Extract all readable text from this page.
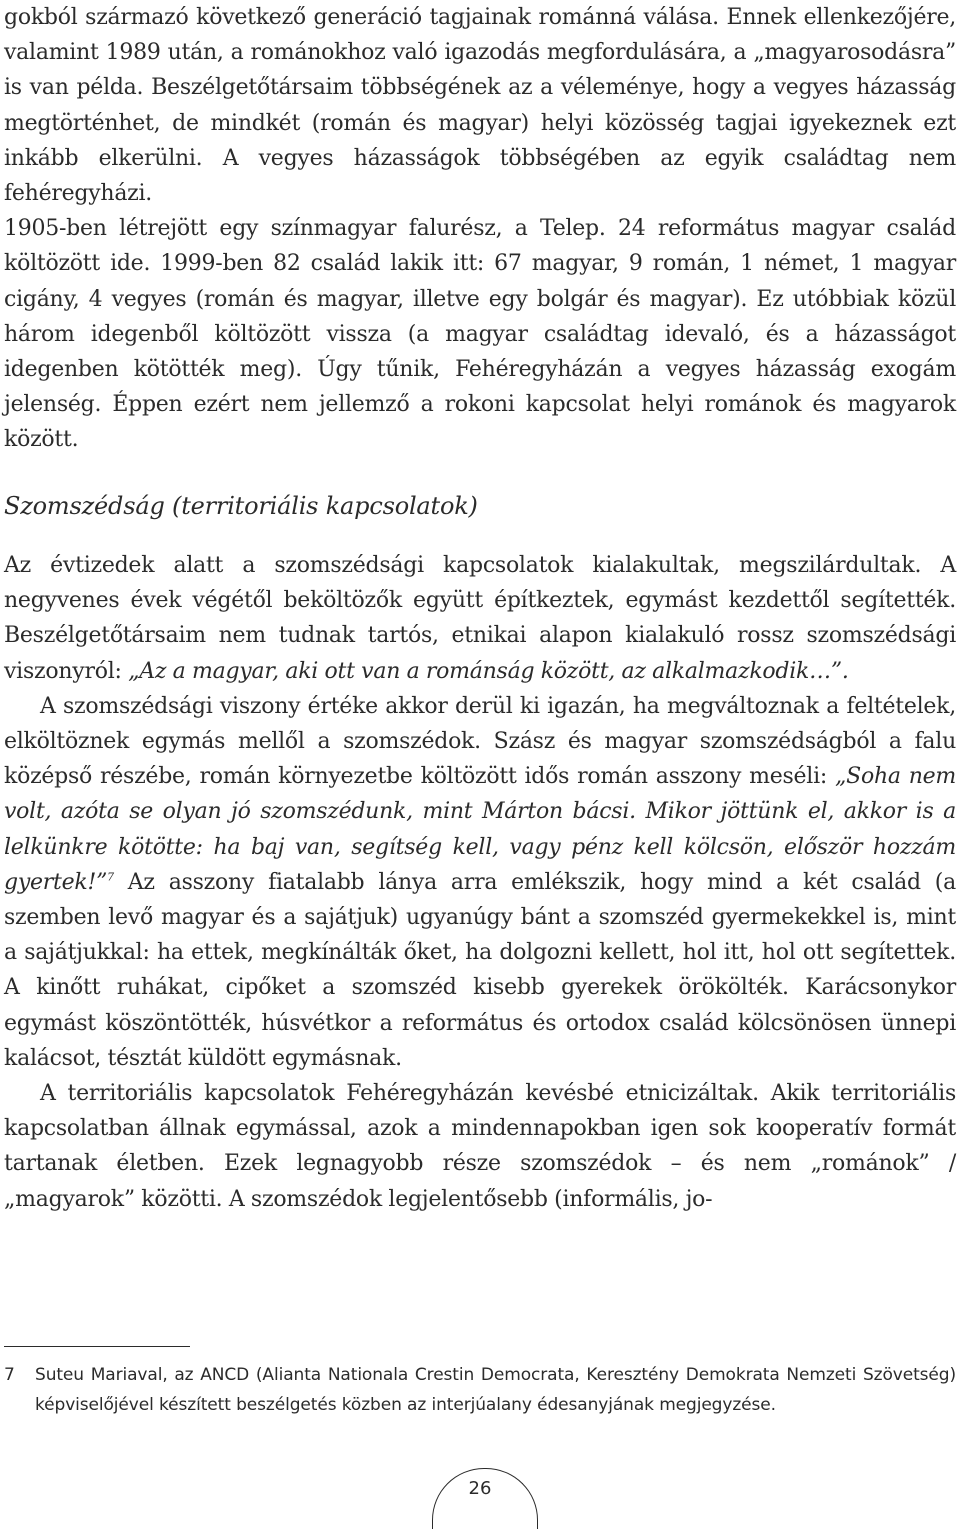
gokból származó következő generáció tagjainak románná válása. Ennek ellenkezőjére, valamint 1989 után, a románokhoz való igazodás megfordulására, a „magyarosodásra” is van példa. Beszélgetőtársaim többségének az a véleménye, hogy a vegyes házasság megtörténhet, de mindkét (román és magyar) helyi közösség tagjai igyekeznek ezt inkább elkerülni. A vegyes házasságok többségében az egyik családtag nem fehéregyházi.

1905-ben létrejött egy színmagyar falurész, a Telep. 24 református magyar család költözött ide. 1999-ben 82 család lakik itt: 67 magyar, 9 román, 1 német, 1 magyar cigány, 4 vegyes (román és magyar, illetve egy bolgár és magyar). Ez utóbbiak közül három idegenből költözött vissza (a magyar családtag idevaló, és a házasságot idegenben kötötték meg). Úgy tűnik, Fehéregyházán a vegyes házasság exogám jelenség. Éppen ezért nem jellemző a rokoni kapcsolat helyi románok és magyarok között.

Szomszédság (territoriális kapcsolatok)

Az évtizedek alatt a szomszédsági kapcsolatok kialakultak, megszilárdultak. A negyvenes évek végétől beköltözők együtt építkeztek, egymást kezdettől segítették. Beszélgetőtársaim nem tudnak tartós, etnikai alapon kialakuló rossz szomszédsági viszonyról: „Az a magyar, aki ott van a románság között, az alkalmazkodik…”.

A szomszédsági viszony értéke akkor derül ki igazán, ha megváltoznak a feltételek, elköltöznek egymás mellől a szomszédok. Szász és magyar szomszédságból a falu középső részébe, román környezetbe költözött idős román asszony meséli: „Soha nem volt, azóta se olyan jó szomszédunk, mint Márton bácsi. Mikor jöttünk el, akkor is a lelkünkre kötötte: ha baj van, segítség kell, vagy pénz kell kölcsön, először hozzám gyertek!”$^7$ Az asszony fiatalabb lánya arra emlékszik, hogy mind a két család (a szemben levő magyar és a sajátjuk) ugyanúgy bánt a szomszéd gyermekekkel is, mint a sajátjukkal: ha ettek, megkínálták őket, ha dolgozni kellett, hol itt, hol ott segítettek. A kinőtt ruhákat, cipőket a szomszéd kisebb gyerekek örökölték. Karácsonykor egymást köszöntötték, húsvétkor a református és ortodox család kölcsönösen ünnepi kalácsot, tésztát küldött egymásnak.

A territoriális kapcsolatok Fehéregyházán kevésbé etnicizáltak. Akik territoriális kapcsolatban állnak egymással, azok a mindennapokban igen sok kooperatív formát tartanak életben. Ezek legnagyobb része szomszédok – és nem „románok” / „magyarok” közötti. A szomszédok legjelentősebb (informális, jo-

7 Suteu Mariaval, az ANCD (Alianta Nationala Crestin Democrata, Keresztény Demokrata Nemzeti Szövetség) képviselőjével készített beszélgetés közben az interjúalany édesanyjának megjegyzése.
26
